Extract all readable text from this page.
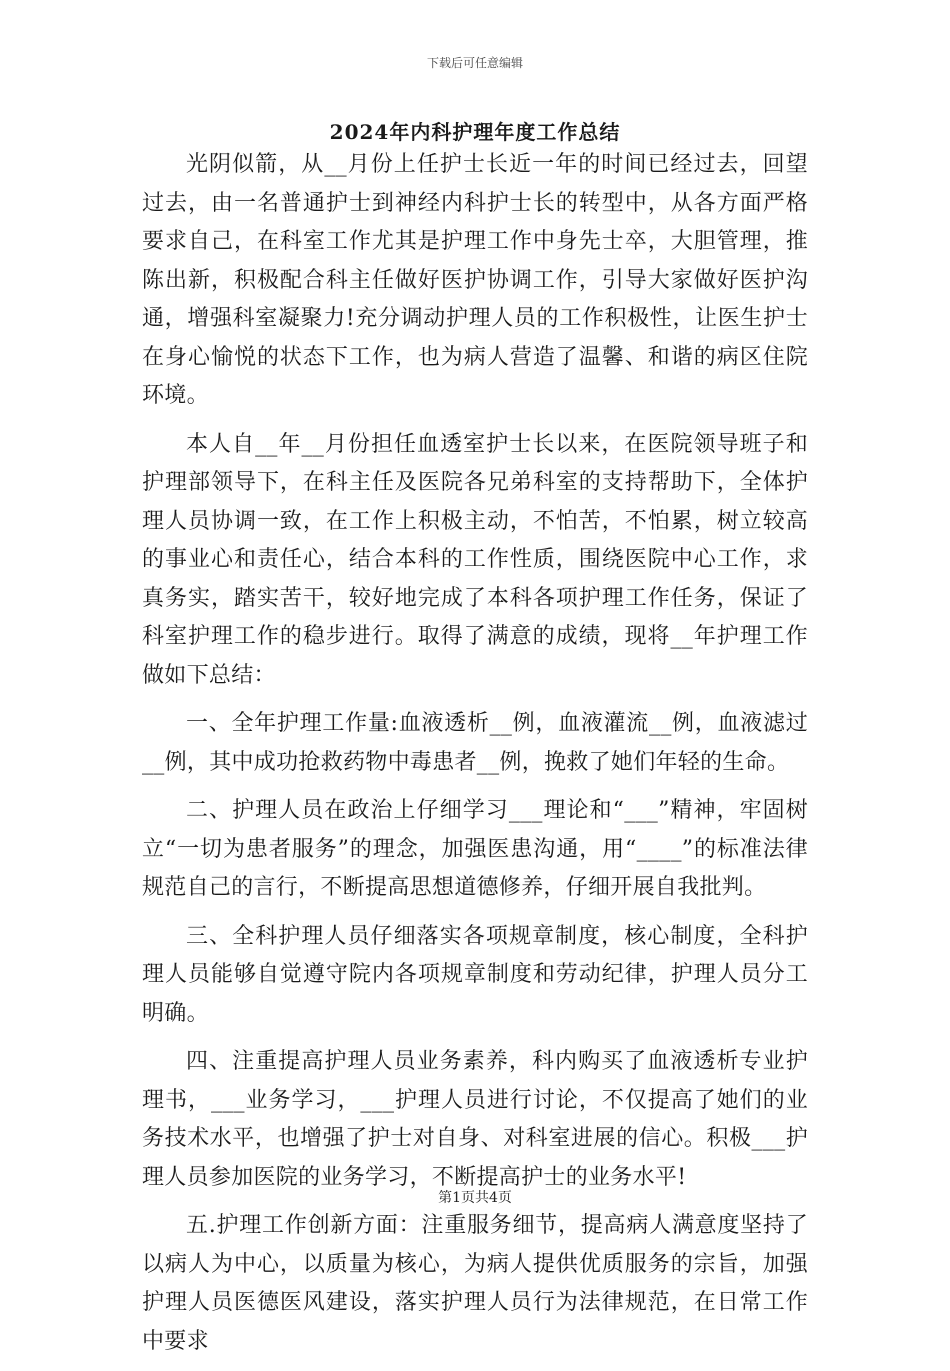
下载后可任意编辑
2024年内科护理年度工作总结

光阴似箭，从__月份上任护士长近一年的时间已经过去，回望过去，由一名普通护士到神经内科护士长的转型中，从各方面严格要求自己，在科室工作尤其是护理工作中身先士卒，大胆管理，推陈出新，积极配合科主任做好医护协调工作，引导大家做好医护沟通，增强科室凝聚力!充分调动护理人员的工作积极性，让医生护士在身心愉悦的状态下工作，也为病人营造了温馨、和谐的病区住院环境。

本人自__年__月份担任血透室护士长以来，在医院领导班子和护理部领导下，在科主任及医院各兄弟科室的支持帮助下，全体护理人员协调一致，在工作上积极主动，不怕苦，不怕累，树立较高的事业心和责任心，结合本科的工作性质，围绕医院中心工作，求真务实，踏实苦干，较好地完成了本科各项护理工作任务，保证了科室护理工作的稳步进行。取得了满意的成绩，现将__年护理工作做如下总结：

一、全年护理工作量:血液透析__例，血液灌流__例，血液滤过__例，其中成功抢救药物中毒患者__例，挽救了她们年轻的生命。

二、护理人员在政治上仔细学习___理论和“___”精神，牢固树立“一切为患者服务”的理念，加强医患沟通，用“____”的标准法律规范自己的言行，不断提高思想道德修养，仔细开展自我批判。

三、全科护理人员仔细落实各项规章制度，核心制度，全科护理人员能够自觉遵守院内各项规章制度和劳动纪律，护理人员分工明确。

四、注重提高护理人员业务素养，科内购买了血液透析专业护理书，___业务学习，___护理人员进行讨论，不仅提高了她们的业务技术水平，也增强了护士对自身、对科室进展的信心。积极___护理人员参加医院的业务学习，不断提高护士的业务水平!

五.护理工作创新方面：注重服务细节，提高病人满意度坚持了以病人为中心，以质量为核心，为病人提供优质服务的宗旨，加强护理人员医德医风建设，落实护理人员行为法律规范，在日常工作中要求

第1页共4页
